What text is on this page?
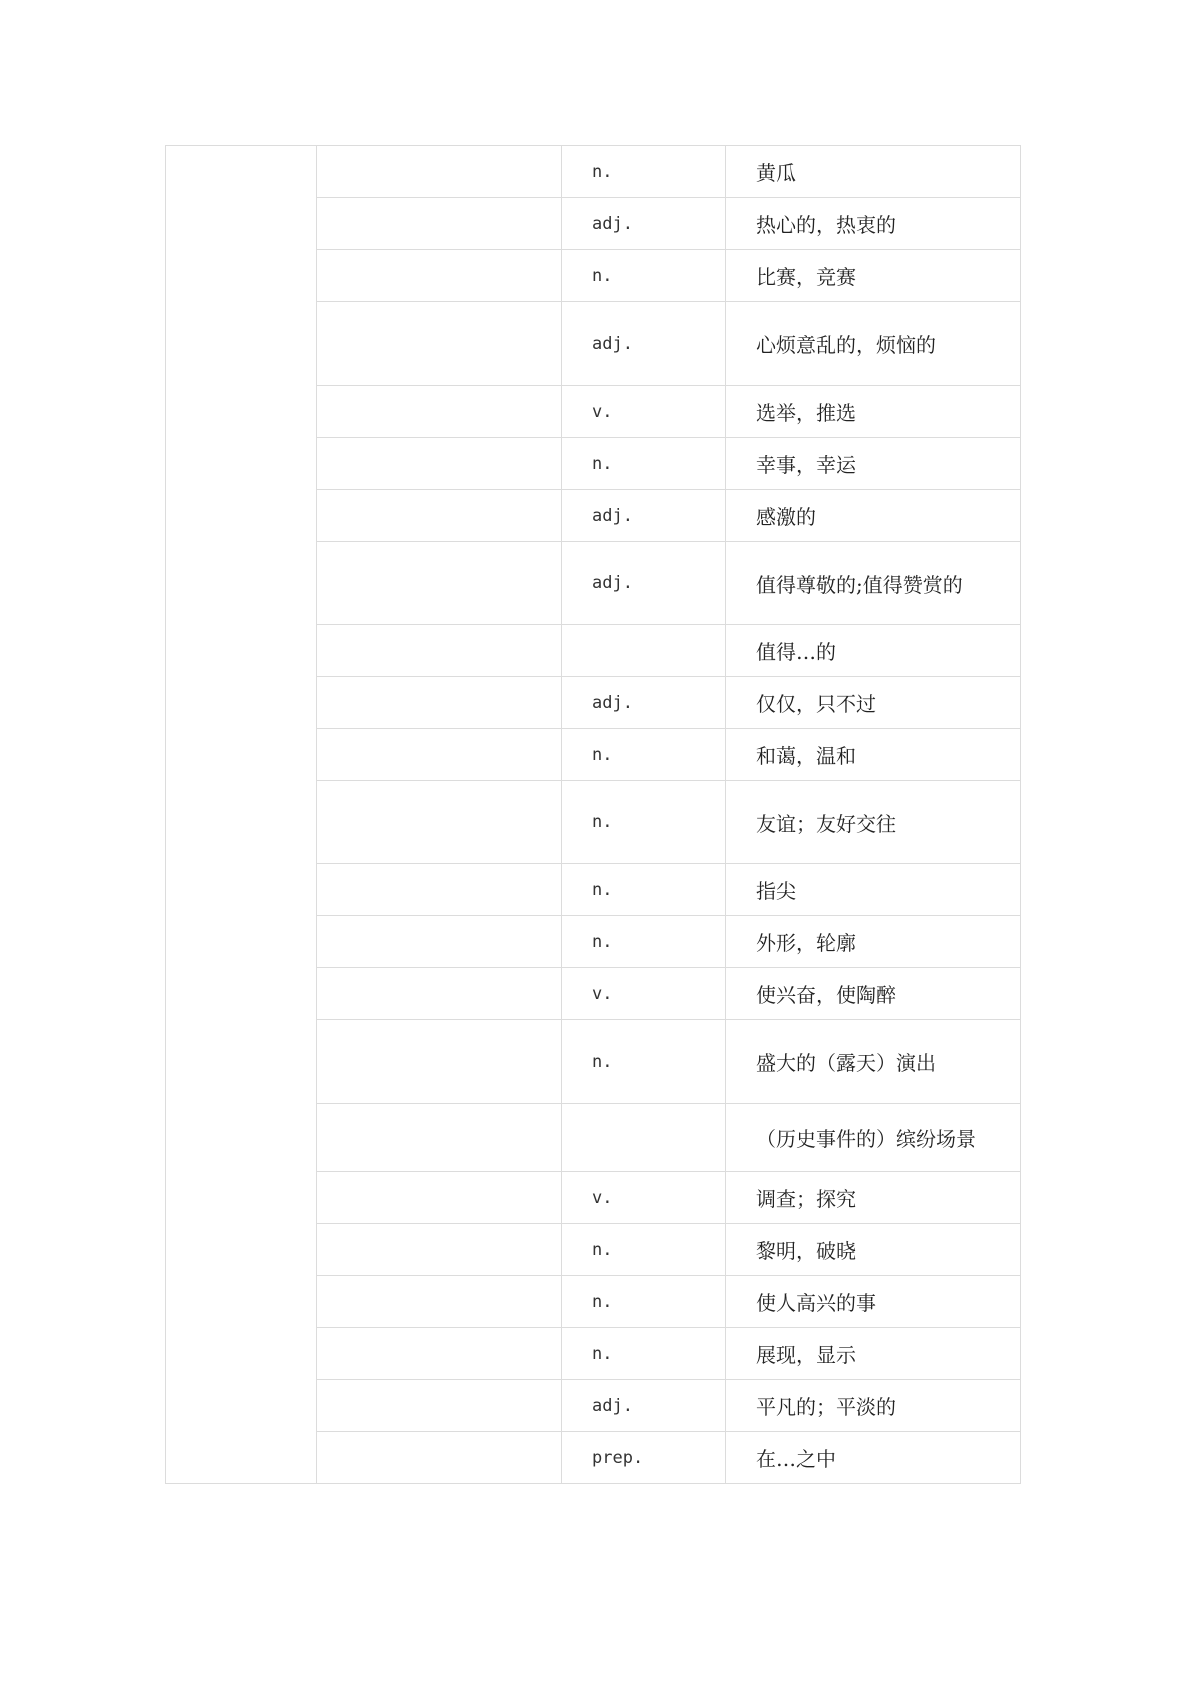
		n.	黄瓜
		adj.	热心的，热衷的
		n.	比赛，竞赛
		adj.	心烦意乱的，烦恼的
		v.	选举，推选
		n.	幸事，幸运
		adj.	感激的
		adj.	值得尊敬的;值得赞赏的
			值得…的
		adj.	仅仅，只不过
		n.	和蔼，温和
		n.	友谊；友好交往
		n.	指尖
		n.	外形，轮廓
		v.	使兴奋，使陶醉
		n.	盛大的（露天）演出
			（历史事件的）缤纷场景
		v.	调查；探究
		n.	黎明，破晓
		n.	使人高兴的事
		n.	展现，显示
		adj.	平凡的；平淡的
		prep.	在…之中
